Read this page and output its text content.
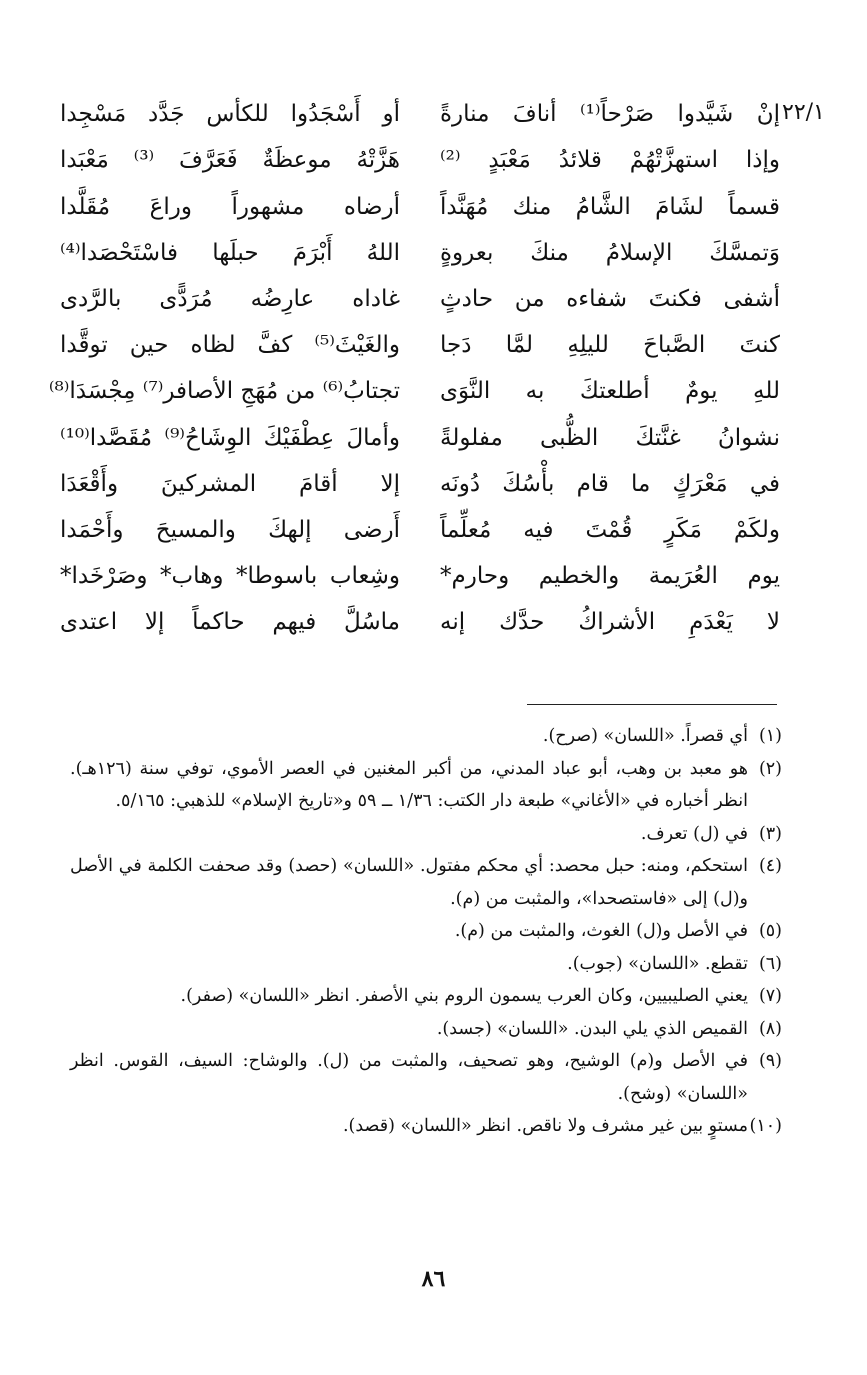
٢٢/١
إنْ شَيَّدوا صَرْحاً⁽¹⁾ أنافَ منارةً
أو أَسْجَدُوا للكأس جَدَّد مَسْجِدا
وإذا استهزَّتْهُمْ قلائدُ مَعْبَدٍ ⁽²⁾
هَزَّتْهُ موعظَةٌ فَعَرَّفَ ⁽³⁾ مَعْبَدا
قسماً لشَامَ الشَّامُ منك مُهَنَّداً
أرضاه مشهوراً وراعَ مُقَلَّدا
وَتمسَّكَ الإسلامُ منكَ بعروةٍ
اللهُ أَبْرَمَ حبلَها فاسْتَحْصَدا⁽⁴⁾
أشفى فكنتَ شفاءه من حادثٍ
غاداه عارِضُه مُرَدًّى بالرَّدى
كنتَ الصَّباحَ لليلِهِ لمَّا دَجا
والغَيْثَ⁽⁵⁾ كفَّ لظاه حين توقَّدا
للهِ يومٌ أطلعتكَ به النَّوَى
تجتابُ⁽⁶⁾ من مُهَجِ الأصافر⁽⁷⁾ مِجْسَدَا⁽⁸⁾
نشوانُ غنَّتكَ الظُّبى مفلولةً
وأمالَ عِطْفَيْكَ الوِشَاحُ⁽⁹⁾ مُقَصَّدا⁽¹⁰⁾
في مَعْرَكٍ ما قام بأْسُكَ دُونَه
إلا أقامَ المشركينَ وأَقْعَدَا
ولكَمْ مَكَرٍ قُمْتَ فيه مُعلِّماً
أَرضى إلهكَ والمسيحَ وأَحْمَدا
يوم العُرَيمة والخطيم وحارم*
وشِعاب باسوطا* وهاب* وصَرْخَدا*
لا يَعْدَمِ الأشراكُ حدَّك إنه
ماسُلَّ فيهم حاكماً إلا اعتدى
(١)
أي قصراً. «اللسان» (صرح).
(٢)
هو معبد بن وهب، أبو عباد المدني، من أكبر المغنين في العصر الأموي، توفي سنة (١٢٦هـ). انظر أخباره في «الأغاني» طبعة دار الكتب: ١/٣٦ ــ ٥٩ و«تاريخ الإسلام» للذهبي: ٥/١٦٥.
(٣)
في (ل) تعرف.
(٤)
استحكم، ومنه: حبل محصد: أي محكم مفتول. «اللسان» (حصد) وقد صحفت الكلمة في الأصل و(ل) إلى «فاستصحدا»، والمثبت من (م).
(٥)
في الأصل و(ل) الغوث، والمثبت من (م).
(٦)
تقطع. «اللسان» (جوب).
(٧)
يعني الصليبيين، وكان العرب يسمون الروم بني الأصفر. انظر «اللسان» (صفر).
(٨)
القميص الذي يلي البدن. «اللسان» (جسد).
(٩)
في الأصل و(م) الوشيح، وهو تصحيف، والمثبت من (ل). والوشاح: السيف، القوس. انظر «اللسان» (وشح).
(١٠)
مستوٍ بين غير مشرف ولا ناقص. انظر «اللسان» (قصد).
٨٦
